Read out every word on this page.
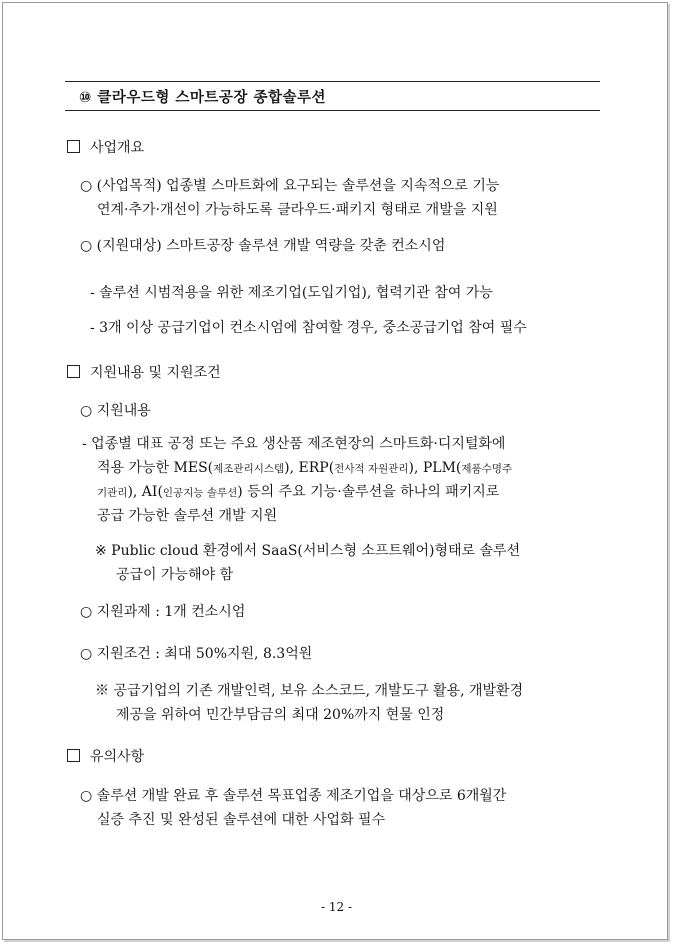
⑩ 클라우드형 스마트공장 종합솔루션
사업개요
○ (사업목적) 업종별 스마트화에 요구되는 솔루션을 지속적으로 기능
연계·추가·개선이 가능하도록 클라우드·패키지 형태로 개발을 지원
○ (지원대상) 스마트공장 솔루션 개발 역량을 갖춘 컨소시엄
- 솔루션 시범적용을 위한 제조기업(도입기업), 협력기관 참여 가능
- 3개 이상 공급기업이 컨소시엄에 참여할 경우, 중소공급기업 참여 필수
지원내용 및 지원조건
○ 지원내용
- 업종별 대표 공정 또는 주요 생산품 제조현장의 스마트화·디지털화에
적용 가능한 MES(제조관리시스템), ERP(전사적 자원관리), PLM(제품수명주
기관리), AI(인공지능 솔루션) 등의 주요 기능·솔루션을 하나의 패키지로
공급 가능한 솔루션 개발 지원
※ Public cloud 환경에서 SaaS(서비스형 소프트웨어)형태로 솔루션
공급이 가능해야 함
○ 지원과제 : 1개 컨소시엄
○ 지원조건 : 최대 50%지원, 8.3억원
※ 공급기업의 기존 개발인력, 보유 소스코드, 개발도구 활용, 개발환경
제공을 위하여 민간부담금의 최대 20%까지 현물 인정
유의사항
○ 솔루션 개발 완료 후 솔루션 목표업종 제조기업을 대상으로 6개월간
실증 추진 및 완성된 솔루션에 대한 사업화 필수
- 12 -
